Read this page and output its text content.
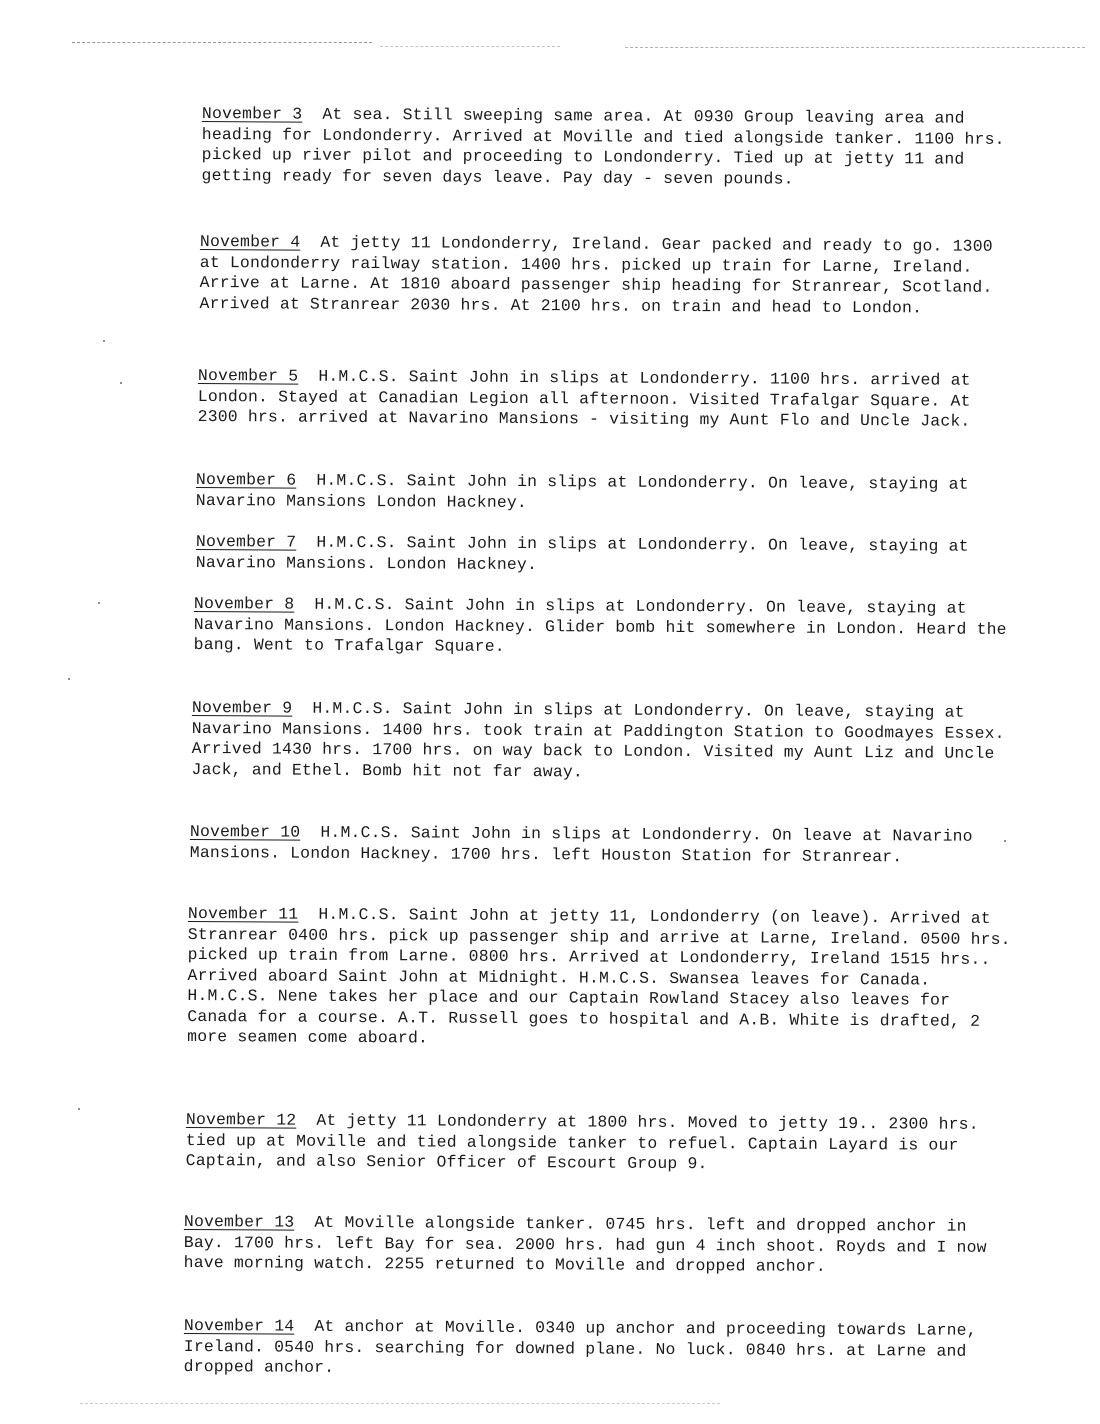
November 3 At sea. Still sweeping same area. At 0930 Group leaving area and heading for Londonderry. Arrived at Moville and tied alongside tanker. 1100 hrs. picked up river pilot and proceeding to Londonderry. Tied up at jetty 11 and getting ready for seven days leave. Pay day - seven pounds.

November 4 At jetty 11 Londonderry, Ireland. Gear packed and ready to go. 1300 at Londonderry railway station. 1400 hrs. picked up train for Larne, Ireland. Arrive at Larne. At 1810 aboard passenger ship heading for Stranrear, Scotland. Arrived at Stranrear 2030 hrs. At 2100 hrs. on train and head to London.

November 5 H.M.C.S. Saint John in slips at Londonderry. 1100 hrs. arrived at London. Stayed at Canadian Legion all afternoon. Visited Trafalgar Square. At 2300 hrs. arrived at Navarino Mansions - visiting my Aunt Flo and Uncle Jack.

November 6 H.M.C.S. Saint John in slips at Londonderry. On leave, staying at Navarino Mansions London Hackney.

November 7 H.M.C.S. Saint John in slips at Londonderry. On leave, staying at Navarino Mansions. London Hackney.

November 8 H.M.C.S. Saint John in slips at Londonderry. On leave, staying at Navarino Mansions. London Hackney. Glider bomb hit somewhere in London. Heard the bang. Went to Trafalgar Square.

November 9 H.M.C.S. Saint John in slips at Londonderry. On leave, staying at Navarino Mansions. 1400 hrs. took train at Paddington Station to Goodmayes Essex. Arrived 1430 hrs. 1700 hrs. on way back to London. Visited my Aunt Liz and Uncle Jack, and Ethel. Bomb hit not far away.

November 10 H.M.C.S. Saint John in slips at Londonderry. On leave at Navarino Mansions. London Hackney. 1700 hrs. left Houston Station for Stranrear.

November 11 H.M.C.S. Saint John at jetty 11, Londonderry (on leave). Arrived at Stranrear 0400 hrs. pick up passenger ship and arrive at Larne, Ireland. 0500 hrs. picked up train from Larne. 0800 hrs. Arrived at Londonderry, Ireland 1515 hrs.. Arrived aboard Saint John at Midnight. H.M.C.S. Swansea leaves for Canada. H.M.C.S. Nene takes her place and our Captain Rowland Stacey also leaves for Canada for a course. A.T. Russell goes to hospital and A.B. White is drafted, 2 more seamen come aboard.

November 12 At jetty 11 Londonderry at 1800 hrs. Moved to jetty 19.. 2300 hrs. tied up at Moville and tied alongside tanker to refuel. Captain Layard is our Captain, and also Senior Officer of Escourt Group 9.

November 13 At Moville alongside tanker. 0745 hrs. left and dropped anchor in Bay. 1700 hrs. left Bay for sea. 2000 hrs. had gun 4 inch shoot. Royds and I now have morning watch. 2255 returned to Moville and dropped anchor.

November 14 At anchor at Moville. 0340 up anchor and proceeding towards Larne, Ireland. 0540 hrs. searching for downed plane. No luck. 0840 hrs. at Larne and dropped anchor.
